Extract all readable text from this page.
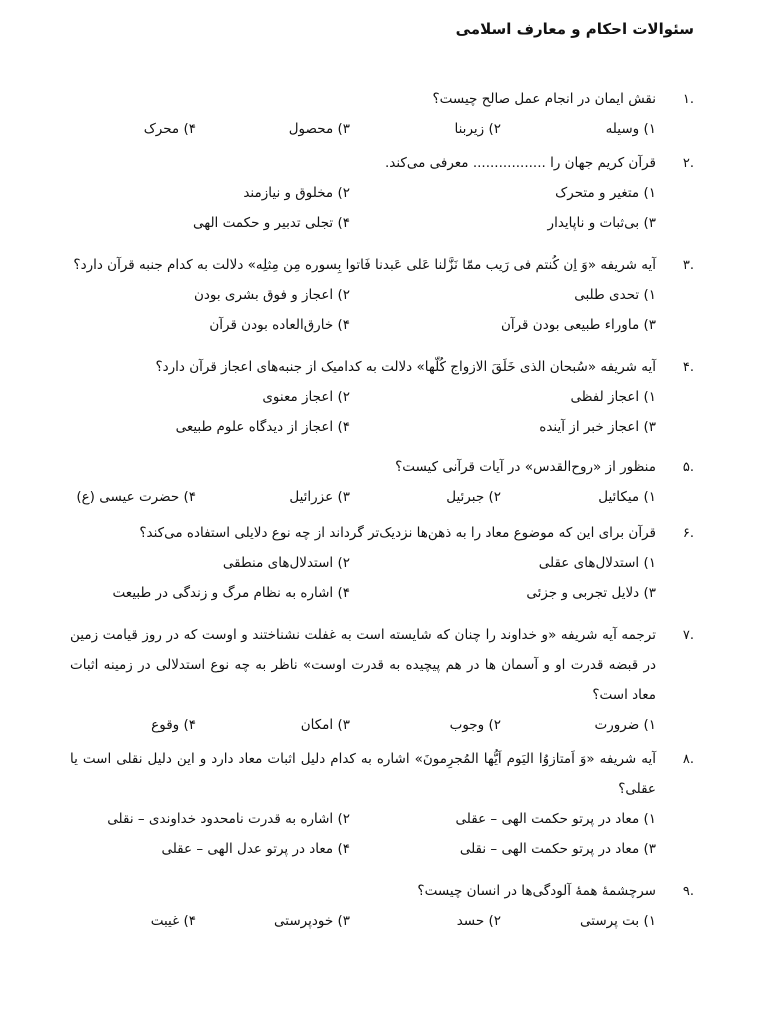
سئوالات احکام و معارف اسلامی
.۱
نقش ایمان در انجام عمل صالح چیست؟
۱) وسیله
۲) زیربنا
۳) محصول
۴) محرک
.۲
قرآن کریم جهان را ................. معرفی می‌کند.
۱) متغیر و متحرک
۲) مخلوق و نیازمند
۳) بی‌ثبات و ناپایدار
۴) تجلی تدبیر و حکمت الهی
.۳
آیه شریفه «وَ اِن کُنتم فی رَیب ممّا نَزَّلنا عَلی عَبدنا فَاتوا بِسوره مِن مِثلِه» دلالت به کدام جنبه قرآن دارد؟
۱) تحدی طلبی
۲) اعجاز و فوق بشری بودن
۳) ماوراء طبیعی بودن قرآن
۴) خارق‌العاده بودن قرآن
.۴
آیه شریفه «سُبحان الذی خَلَقَ الازواج کُلّها» دلالت به کدامیک از جنبه‌های اعجاز قرآن دارد؟
۱) اعجاز لفظی
۲) اعجاز معنوی
۳) اعجاز خبر از آینده
۴) اعجاز از دیدگاه علوم طبیعی
.۵
منظور از «روح‌القدس» در آیات قرآنی کیست؟
۱) میکائیل
۲) جبرئیل
۳) عزرائیل
۴) حضرت عیسی (ع)
.۶
قرآن برای این که موضوع معاد را به ذهن‌ها نزدیک‌تر گرداند از چه نوع دلایلی استفاده می‌کند؟
۱) استدلال‌های عقلی
۲) استدلال‌های منطقی
۳) دلایل تجربی و جزئی
۴) اشاره به نظام مرگ و زندگی در طبیعت
.۷
ترجمه آیه شریفه «و خداوند را چنان که شایسته است به غفلت نشناختند و اوست که در روز قیامت زمین در قبضه قدرت او و آسمان ها در هم پیچیده به قدرت اوست» ناظر به چه نوع استدلالی در زمینه اثبات معاد است؟
۱) ضرورت
۲) وجوب
۳) امکان
۴) وقوع
.۸
آیه شریفه «وَ اَمتازوُا الیَوم اَیُّها المُجرِمونَ» اشاره به کدام دلیل اثبات معاد دارد و این دلیل نقلی است یا عقلی؟
۱) معاد در پرتو حکمت الهی – عقلی
۲) اشاره به قدرت نامحدود خداوندی – نقلی
۳) معاد در پرتو حکمت الهی – نقلی
۴) معاد در پرتو عدل الهی – عقلی
.۹
سرچشمهٔ همهٔ آلودگی‌ها در انسان چیست؟
۱) بت پرستی
۲) حسد
۳) خودپرستی
۴) غیبت
